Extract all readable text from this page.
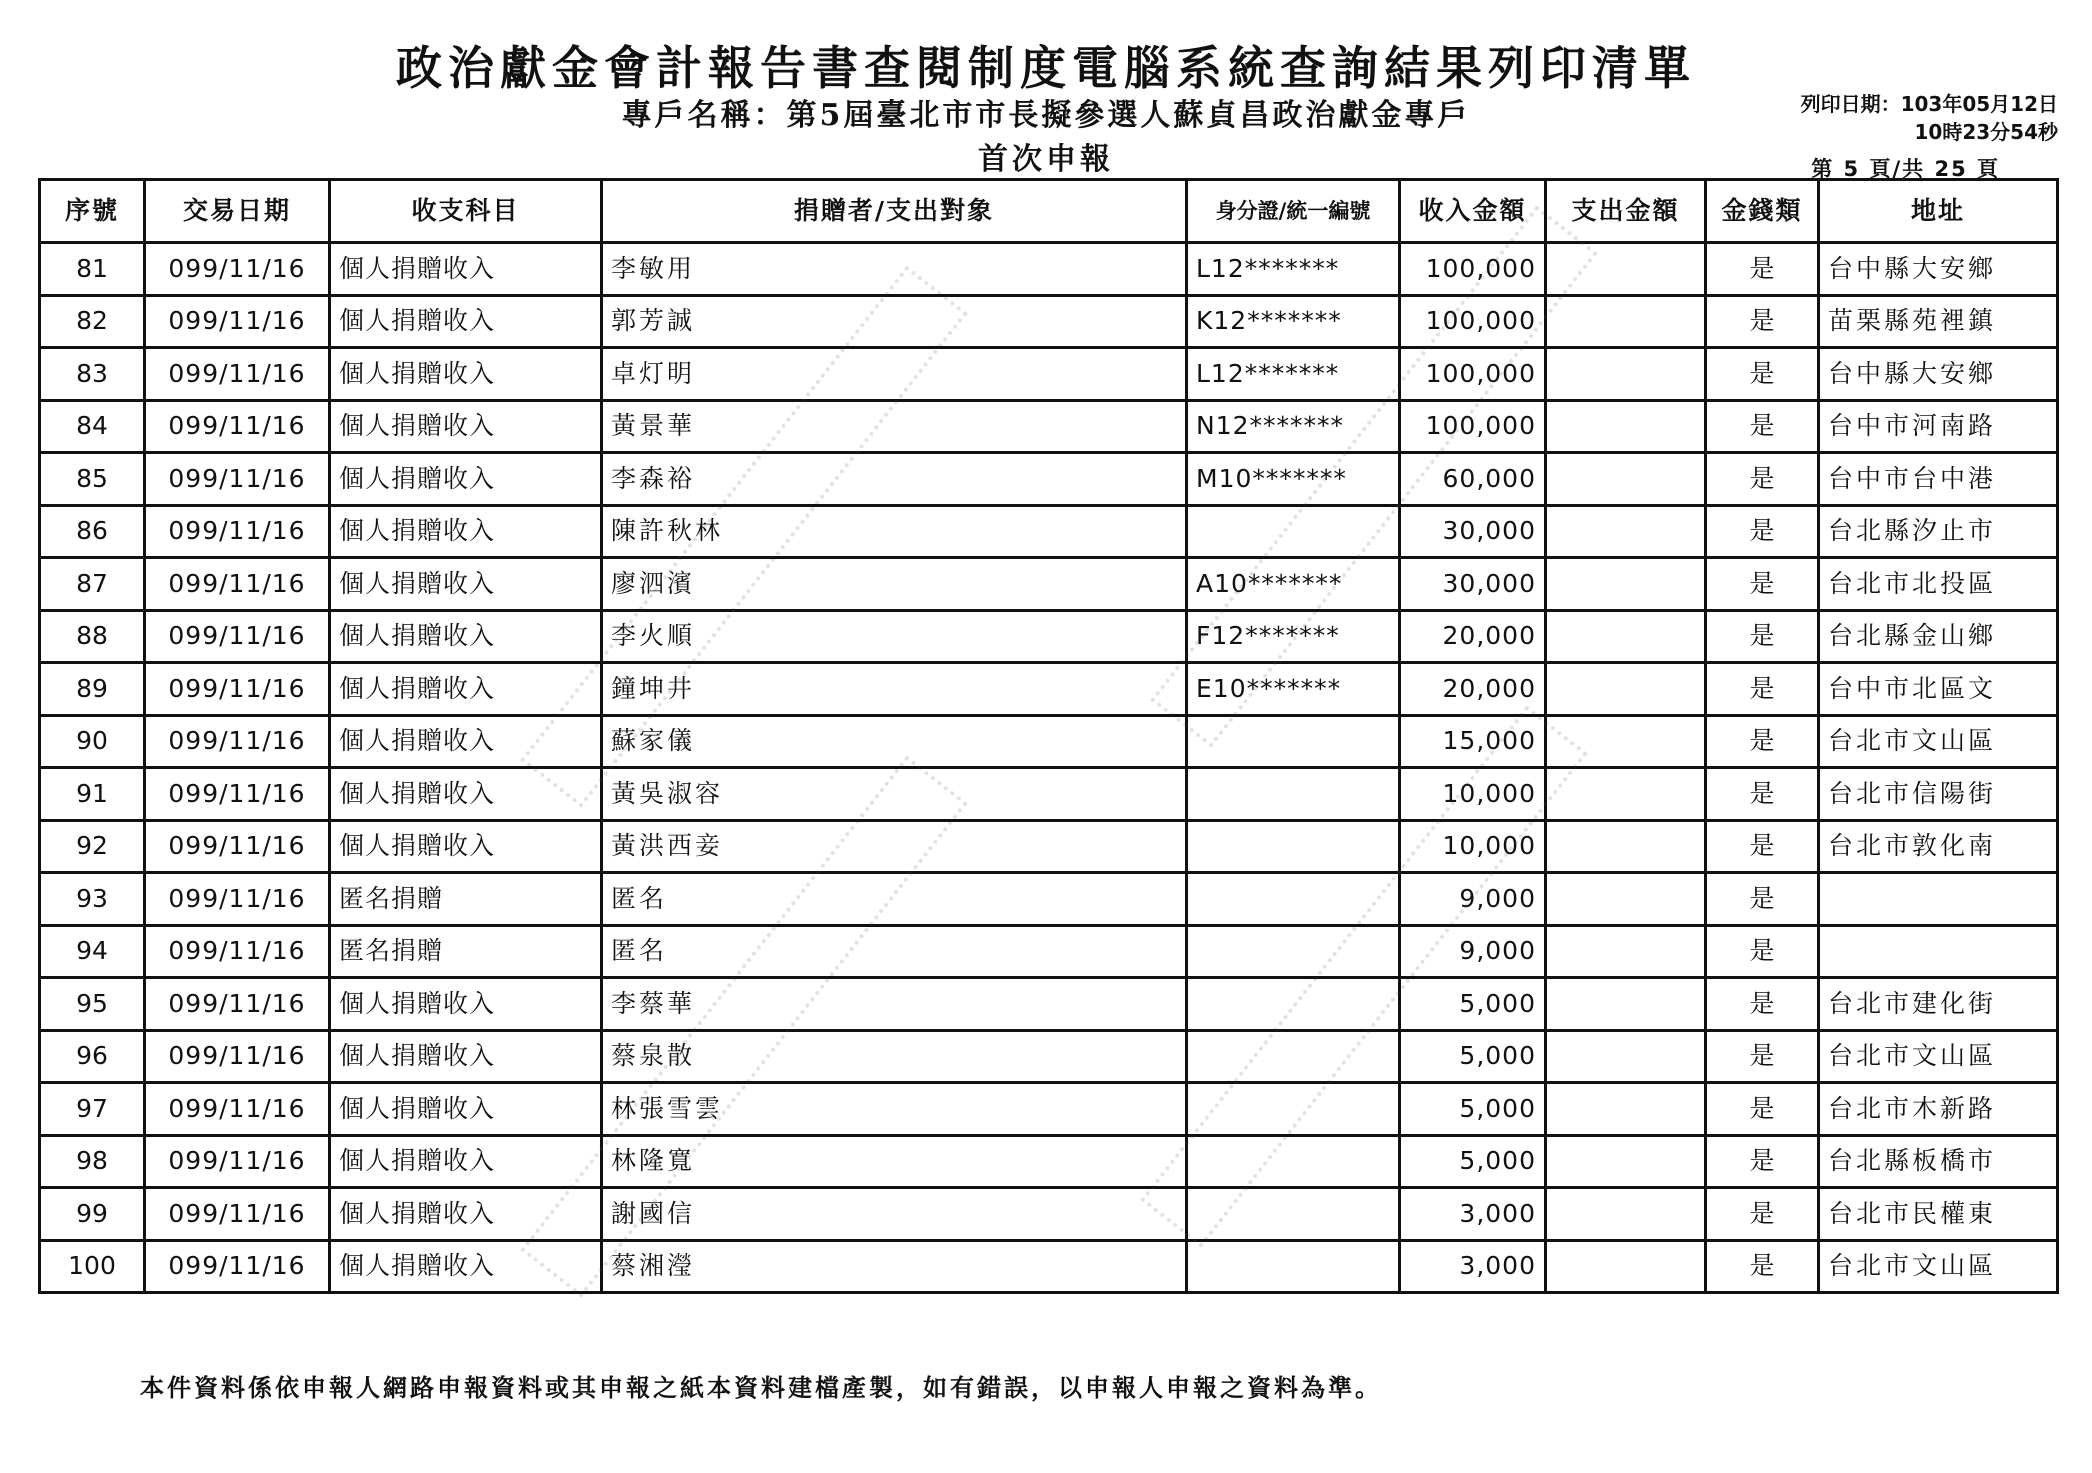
政治獻金會計報告書查閱制度電腦系統查詢結果列印清單
專戶名稱：第5屆臺北市市長擬參選人蘇貞昌政治獻金專戶
首次申報
列印日期：103年05月12日
10時23分54秒
第 5 頁/共 25 頁
序號	交易日期	收支科目	捐贈者/支出對象	身分證/統一編號	收入金額	支出金額	金錢類	地址
81	099/11/16	個人捐贈收入	李敏用	L12*******	100,000		是	台中縣大安鄉
82	099/11/16	個人捐贈收入	郭芳誠	K12*******	100,000		是	苗栗縣苑裡鎮
83	099/11/16	個人捐贈收入	卓灯明	L12*******	100,000		是	台中縣大安鄉
84	099/11/16	個人捐贈收入	黃景華	N12*******	100,000		是	台中市河南路
85	099/11/16	個人捐贈收入	李森裕	M10*******	60,000		是	台中市台中港
86	099/11/16	個人捐贈收入	陳許秋林		30,000		是	台北縣汐止市
87	099/11/16	個人捐贈收入	廖泗濱	A10*******	30,000		是	台北市北投區
88	099/11/16	個人捐贈收入	李火順	F12*******	20,000		是	台北縣金山鄉
89	099/11/16	個人捐贈收入	鐘坤井	E10*******	20,000		是	台中市北區文
90	099/11/16	個人捐贈收入	蘇家儀		15,000		是	台北市文山區
91	099/11/16	個人捐贈收入	黃吳淑容		10,000		是	台北市信陽街
92	099/11/16	個人捐贈收入	黃洪西妾		10,000		是	台北市敦化南
93	099/11/16	匿名捐贈	匿名		9,000		是	
94	099/11/16	匿名捐贈	匿名		9,000		是	
95	099/11/16	個人捐贈收入	李蔡華		5,000		是	台北市建化街
96	099/11/16	個人捐贈收入	蔡泉散		5,000		是	台北市文山區
97	099/11/16	個人捐贈收入	林張雪雲		5,000		是	台北市木新路
98	099/11/16	個人捐贈收入	林隆寬		5,000		是	台北縣板橋市
99	099/11/16	個人捐贈收入	謝國信		3,000		是	台北市民權東
100	099/11/16	個人捐贈收入	蔡湘瀅		3,000		是	台北市文山區
本件資料係依申報人網路申報資料或其申報之紙本資料建檔產製，如有錯誤，以申報人申報之資料為準。
